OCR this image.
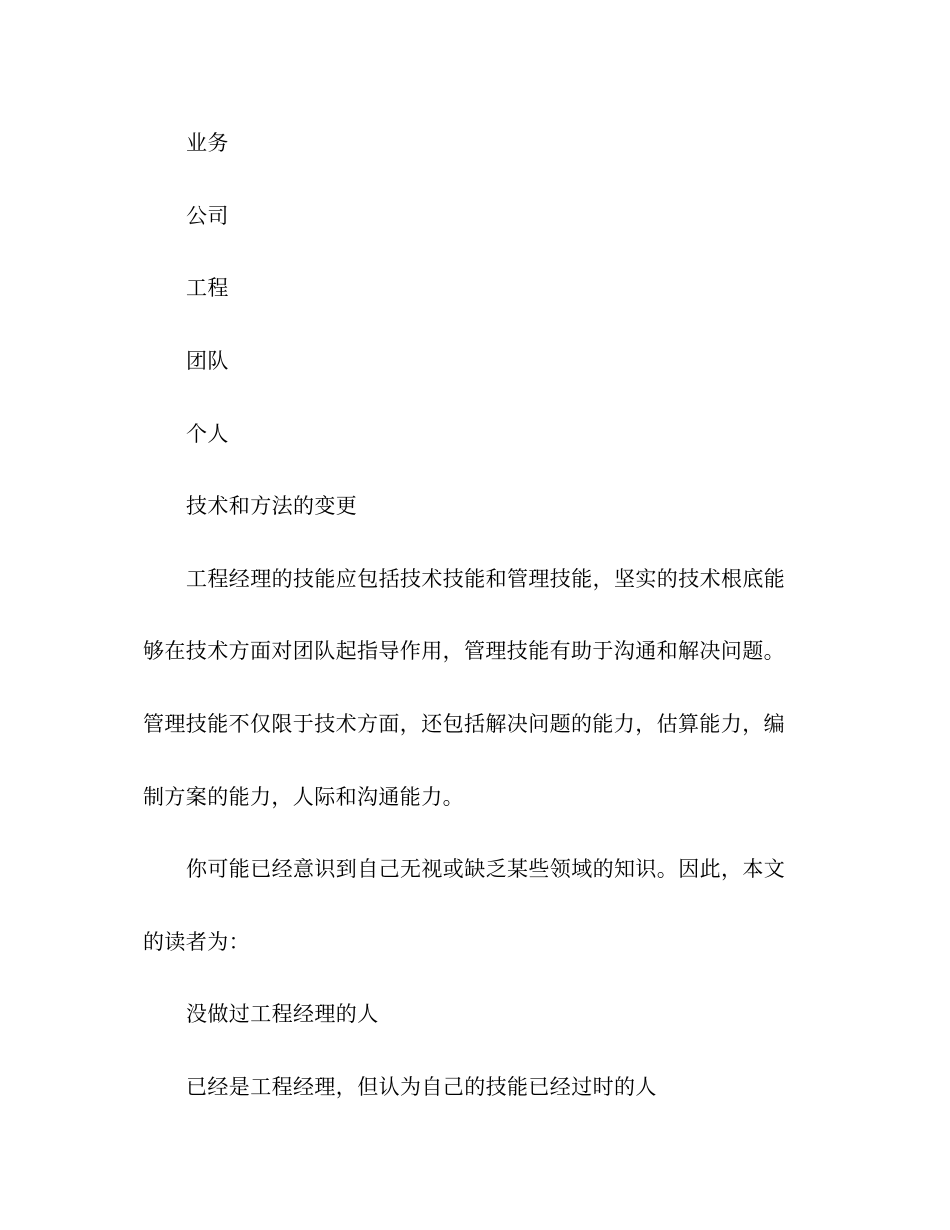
业务
公司
工程
团队
个人
技术和方法的变更
工程经理的技能应包括技术技能和管理技能，坚实的技术根底能
够在技术方面对团队起指导作用，管理技能有助于沟通和解决问题。
管理技能不仅限于技术方面，还包括解决问题的能力，估算能力，编
制方案的能力，人际和沟通能力。
你可能已经意识到自己无视或缺乏某些领域的知识。因此，本文
的读者为：
没做过工程经理的人
已经是工程经理，但认为自己的技能已经过时的人
